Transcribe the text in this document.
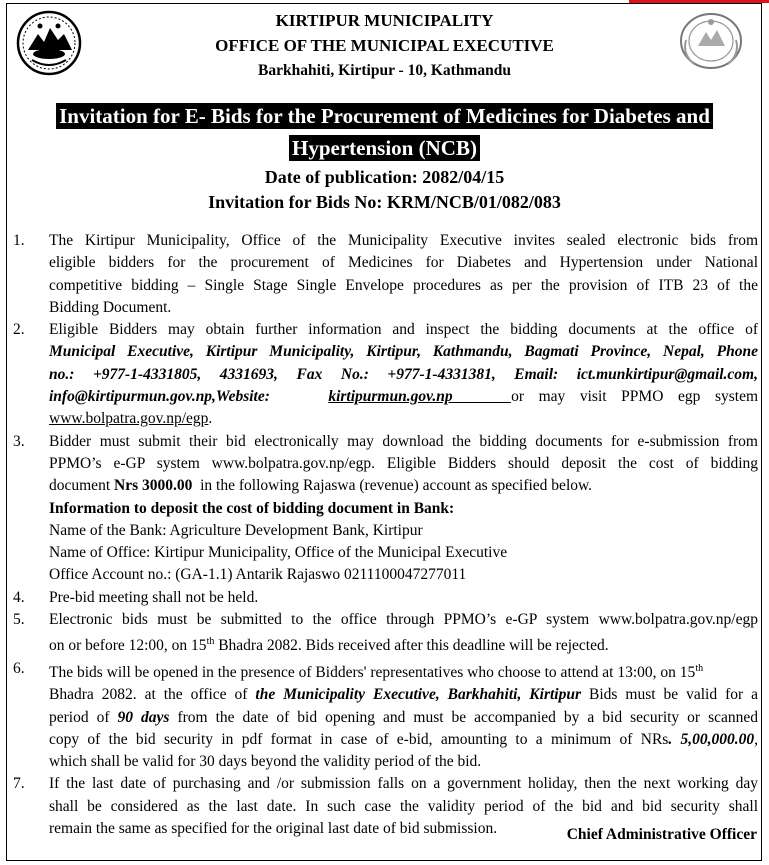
KIRTIPUR MUNICIPALITY
OFFICE OF THE MUNICIPAL EXECUTIVE
Barkhahiti, Kirtipur - 10, Kathmandu
Invitation for E- Bids for the Procurement of Medicines for Diabetes and
Hypertension (NCB)
Date of publication: 2082/04/15
Invitation for Bids No: KRM/NCB/01/082/083
1. The Kirtipur Municipality, Office of the Municipality Executive invites sealed electronic bids from
eligible bidders for the procurement of Medicines for Diabetes and Hypertension under National
competitive bidding – Single Stage Single Envelope procedures as per the provision of ITB 23 of the
Bidding Document.
2. Eligible Bidders may obtain further information and inspect the bidding documents at the office of
Municipal Executive, Kirtipur Municipality, Kirtipur, Kathmandu, Bagmati Province, Nepal, Phone
no.: +977-1-4331805, 4331693, Fax No.: +977-1-4331381, Email: ict.munkirtipur@gmail.com,
info@kirtipurmun.gov.np,Website:	kirtipurmun.gov.np	or may visit PPMO egp system
www.bolpatra.gov.np/egp.
3. Bidder must submit their bid electronically may download the bidding documents for e-submission from
PPMO’s e-GP system www.bolpatra.gov.np/egp. Eligible Bidders should deposit the cost of bidding
document Nrs 3000.00 in the following Rajaswa (revenue) account as specified below.
Information to deposit the cost of bidding document in Bank:
Name of the Bank: Agriculture Development Bank, Kirtipur
Name of Office: Kirtipur Municipality, Office of the Municipal Executive
Office Account no.: (GA-1.1) Antarik Rajaswo 0211100047277011
4. Pre-bid meeting shall not be held.
5. Electronic bids must be submitted to the office through PPMO’s e-GP system www.bolpatra.gov.np/egp
on or before 12:00, on 15th Bhadra 2082. Bids received after this deadline will be rejected.
6. The bids will be opened in the presence of Bidders' representatives who choose to attend at 13:00, on 15th
Bhadra 2082. at the office of the Municipality Executive, Barkhahiti, Kirtipur Bids must be valid for a
period of 90 days from the date of bid opening and must be accompanied by a bid security or scanned
copy of the bid security in pdf format in case of e-bid, amounting to a minimum of NRs. 5,00,000.00,
which shall be valid for 30 days beyond the validity period of the bid.
7. If the last date of purchasing and /or submission falls on a government holiday, then the next working day
shall be considered as the last date. In such case the validity period of the bid and bid security shall
remain the same as specified for the original last date of bid submission.	Chief Administrative Officer
